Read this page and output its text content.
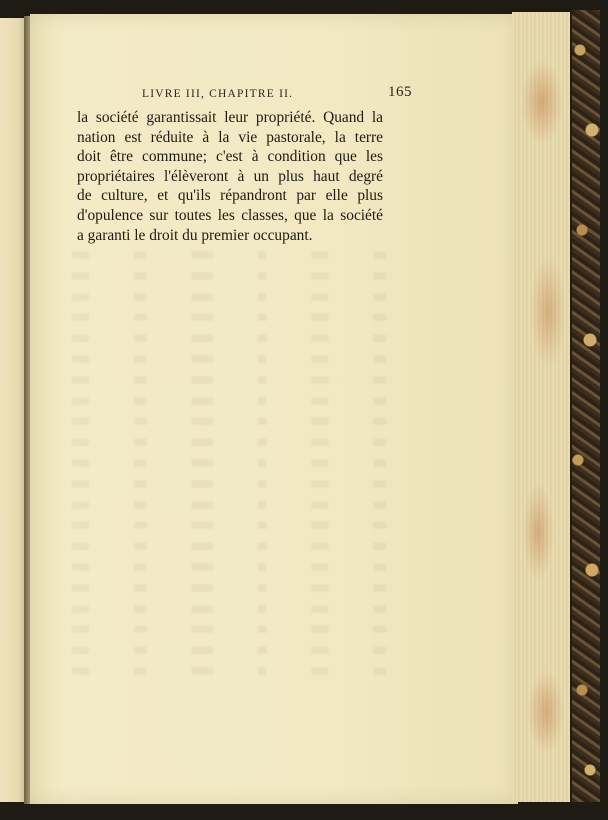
LIVRE III, CHAPITRE II.	165
la société garantissait leur propriété. Quand la
nation est réduite à la vie pastorale, la terre
doit être commune; c'est à condition que les
propriétaires l'élèveront à un plus haut degré
de culture, et qu'ils répandront par elle plus
d'opulence sur toutes les classes, que la société
a garanti le droit du premier occupant.
 ███ ████ ██ █████ ███ ████
 ███ ████ ██ █████ ███ ████
 ███ ████ ██ █████ ███ ████
 ███ ████ ██ █████ ███ ████
 ███ ████ ██ █████ ███ ████
 ███ ████ ██ █████ ███ ████
 ███ ████ ██ █████ ███ ████
 ███ ████ ██ █████ ███ ████
 ███ ████ ██ █████ ███ ████
 ███ ████ ██ █████ ███ ████
 ███ ████ ██ █████ ███ ████
 ███ ████ ██ █████ ███ ████
 ███ ████ ██ █████ ███ ████
 ███ ████ ██ █████ ███ ████
 ███ ████ ██ █████ ███ ████
 ███ ████ ██ █████ ███ ████
 ███ ████ ██ █████ ███ ████
 ███ ████ ██ █████ ███ ████
 ███ ████ ██ █████ ███ ████
 ███ ████ ██ █████ ███ ████
 ███ ████ ██ █████ ███ ████
